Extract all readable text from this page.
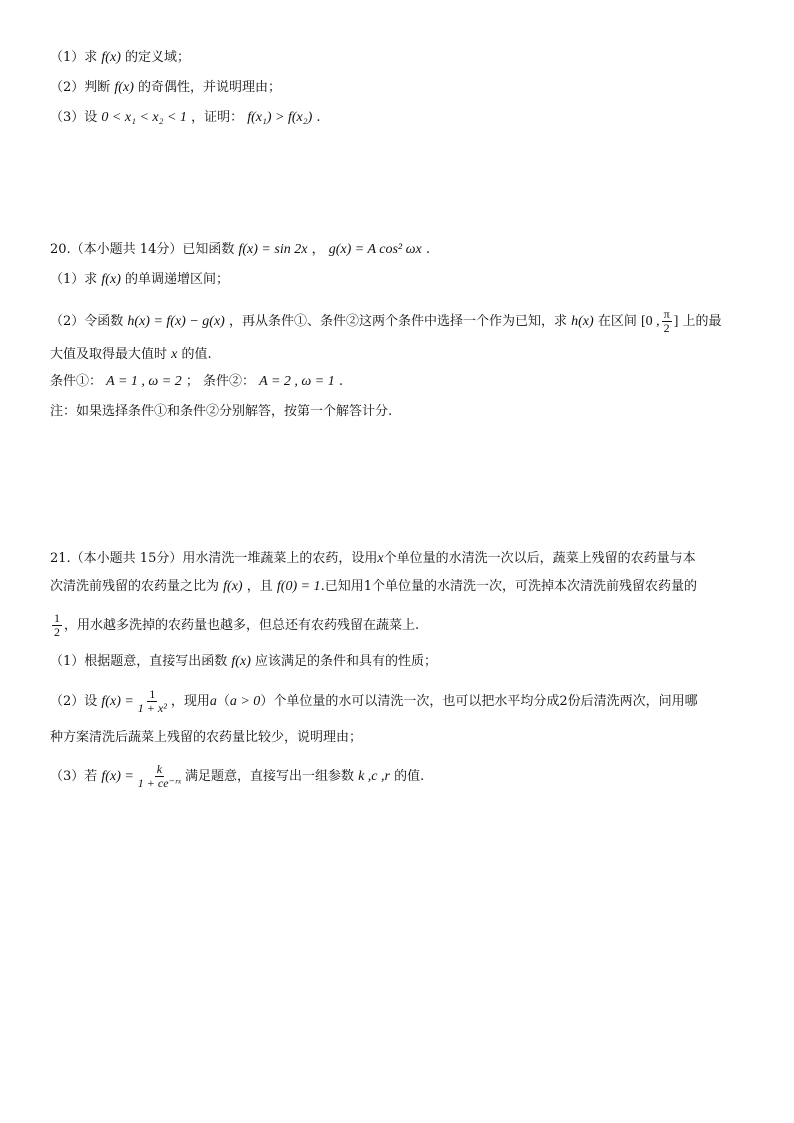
（1）求 f(x) 的定义域；
（2）判断 f(x) 的奇偶性，并说明理由；
（3）设 0 < x₁ < x₂ < 1 ，证明： f(x₁) > f(x₂) .
20.（本小题共 14分）已知函数 f(x) = sin 2x ， g(x) = A cos² ωx .
（1）求 f(x) 的单调递增区间；
（2）令函数 h(x) = f(x) − g(x) ，再从条件①、条件②这两个条件中选择一个作为已知，求 h(x) 在区间 [0 , $\frac{\pi}{2}$ ] 上的最
大值及取得最大值时 x 的值.
条件①： A = 1 , ω = 2 ； 条件②： A = 2 , ω = 1 .
注：如果选择条件①和条件②分别解答，按第一个解答计分.
21.（本小题共 15分）用水清洗一堆蔬菜上的农药，设用x个单位量的水清洗一次以后，蔬菜上残留的农药量与本
次清洗前残留的农药量之比为 f(x) ，且 f(0) = 1.已知用1个单位量的水清洗一次，可洗掉本次清洗前残留农药量的
$\frac{1}{2}$ ，用水越多洗掉的农药量也越多，但总还有农药残留在蔬菜上.
（1）根据题意，直接写出函数 f(x) 应该满足的条件和具有的性质；
（2）设 $f(x) = \frac{1}{\text{1 + x²}}$ ，现用a（a > 0）个单位量的水可以清洗一次，也可以把水平均分成2份后清洗两次，问用哪
种方案清洗后蔬菜上残留的农药量比较少，说明理由；
（3）若 $f(x) = \frac{k}{\text{1 + ce⁻ʳˣ}}$ 满足题意，直接写出一组参数 k ,c ,r 的值.
